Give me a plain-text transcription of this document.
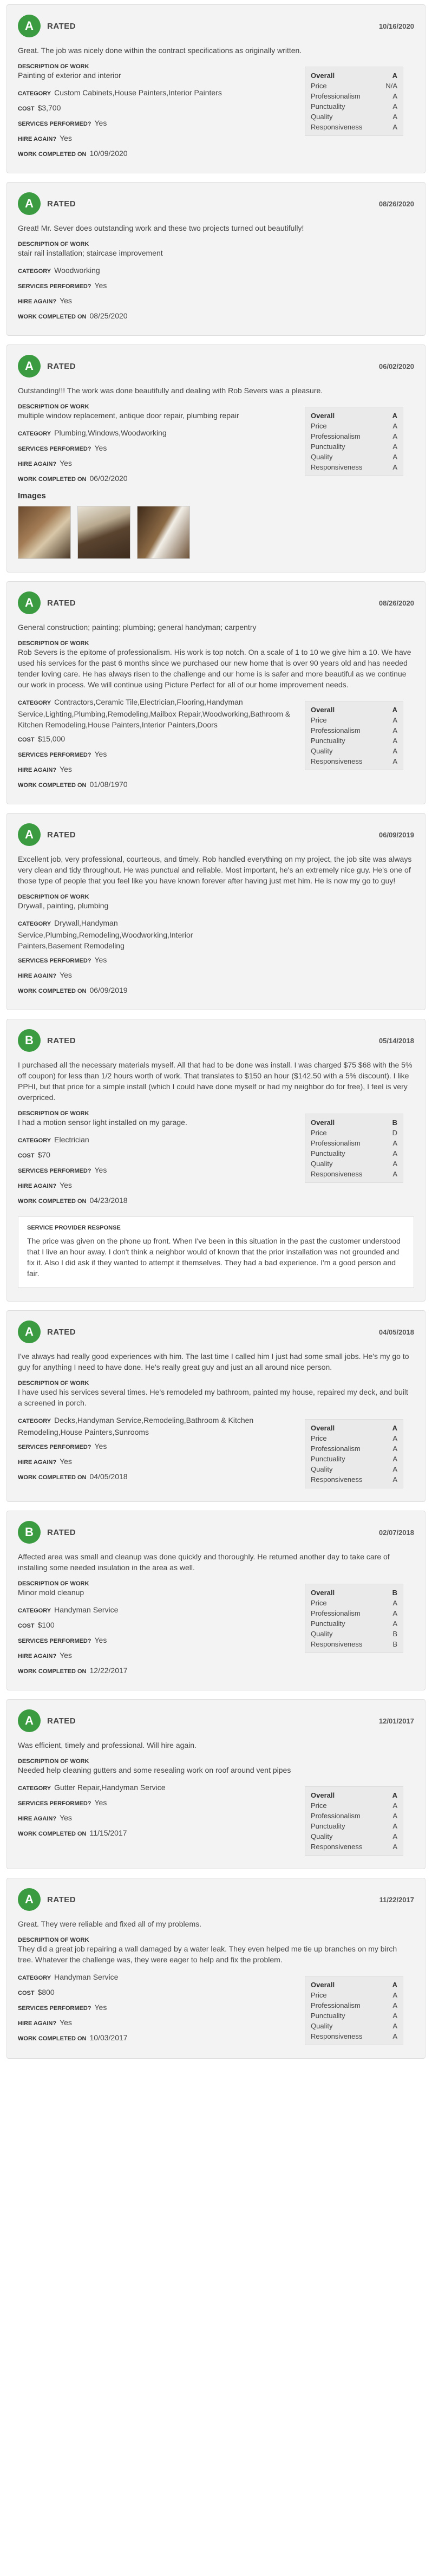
A	RATED	10/16/2020
Great. The job was nicely done within the contract specifications as originally written.
DESCRIPTION OF WORK
Painting of exterior and interior
CATEGORY Custom Cabinets,House Painters,Interior Painters
COST $3,700
SERVICES PERFORMED? Yes
HIRE AGAIN? Yes
WORK COMPLETED ON 10/09/2020
Overall	A
Price	N/A
Professionalism	A
Punctuality	A
Quality	A
Responsiveness	A
A	RATED	08/26/2020
Great! Mr. Sever does outstanding work and these two projects turned out beautifully!
DESCRIPTION OF WORK
stair rail installation; staircase improvement
CATEGORY Woodworking
SERVICES PERFORMED? Yes
HIRE AGAIN? Yes
WORK COMPLETED ON 08/25/2020
A	RATED	06/02/2020
Outstanding!!! The work was done beautifully and dealing with Rob Severs was a pleasure.
DESCRIPTION OF WORK
multiple window replacement, antique door repair, plumbing repair
CATEGORY Plumbing,Windows,Woodworking
SERVICES PERFORMED? Yes
HIRE AGAIN? Yes
WORK COMPLETED ON 06/02/2020
Overall	A
Price	A
Professionalism	A
Punctuality	A
Quality	A
Responsiveness	A
Images
A	RATED	08/26/2020
General construction; painting; plumbing; general handyman; carpentry
DESCRIPTION OF WORK
Rob Severs is the epitome of professionalism. His work is top notch. On a scale of 1 to 10 we give him a 10. We have used his services for the past 6 months since we purchased our new home that is over 90 years old and has needed tender loving care. He has always risen to the challenge and our home is is safer and more beautiful as we continue our work in process. We will continue using Picture Perfect for all of our home improvement needs.
CATEGORY Contractors,Ceramic Tile,Electrician,Flooring,Handyman Service,Lighting,Plumbing,Remodeling,Mailbox Repair,Woodworking,Bathroom & Kitchen Remodeling,House Painters,Interior Painters,Doors
COST $15,000
SERVICES PERFORMED? Yes
HIRE AGAIN? Yes
WORK COMPLETED ON 01/08/1970
Overall	A
Price	A
Professionalism	A
Punctuality	A
Quality	A
Responsiveness	A
A	RATED	06/09/2019
Excellent job, very professional, courteous, and timely. Rob handled everything on my project, the job site was always very clean and tidy throughout. He was punctual and reliable. Most important, he's an extremely nice guy. He's one of those type of people that you feel like you have known forever after having just met him. He is now my go to guy!
DESCRIPTION OF WORK
Drywall, painting, plumbing
CATEGORY Drywall,Handyman Service,Plumbing,Remodeling,Woodworking,Interior Painters,Basement Remodeling
SERVICES PERFORMED? Yes
HIRE AGAIN? Yes
WORK COMPLETED ON 06/09/2019
B	RATED	05/14/2018
I purchased all the necessary materials myself. All that had to be done was install. I was charged $75 $68 with the 5% off coupon) for less than 1/2 hours worth of work. That translates to $150 an hour ($142.50 with a 5% discount). I like PPHI, but that price for a simple install (which I could have done myself or had my neighbor do for free), I feel is very overpriced.
DESCRIPTION OF WORK
I had a motion sensor light installed on my garage.
CATEGORY Electrician
COST $70
SERVICES PERFORMED? Yes
HIRE AGAIN? Yes
WORK COMPLETED ON 04/23/2018
Overall	B
Price	D
Professionalism	A
Punctuality	A
Quality	A
Responsiveness	A
SERVICE PROVIDER RESPONSE
The price was given on the phone up front. When I've been in this situation in the past the customer understood that I live an hour away. I don't think a neighbor would of known that the prior installation was not grounded and fix it. Also I did ask if they wanted to attempt it themselves. They had a bad experience. I'm a good person and fair.
A	RATED	04/05/2018
I've always had really good experiences with him. The last time I called him I just had some small jobs. He's my go to guy for anything I need to have done. He's really great guy and just an all around nice person.
DESCRIPTION OF WORK
I have used his services several times. He's remodeled my bathroom, painted my house, repaired my deck, and built a screened in porch.
CATEGORY Decks,Handyman Service,Remodeling,Bathroom & Kitchen Remodeling,House Painters,Sunrooms
SERVICES PERFORMED? Yes
HIRE AGAIN? Yes
WORK COMPLETED ON 04/05/2018
Overall	A
Price	A
Professionalism	A
Punctuality	A
Quality	A
Responsiveness	A
B	RATED	02/07/2018
Affected area was small and cleanup was done quickly and thoroughly. He returned another day to take care of installing some needed insulation in the area as well.
DESCRIPTION OF WORK
Minor mold cleanup
CATEGORY Handyman Service
COST $100
SERVICES PERFORMED? Yes
HIRE AGAIN? Yes
WORK COMPLETED ON 12/22/2017
Overall	B
Price	A
Professionalism	A
Punctuality	A
Quality	B
Responsiveness	B
A	RATED	12/01/2017
Was efficient, timely and professional. Will hire again.
DESCRIPTION OF WORK
Needed help cleaning gutters and some resealing work on roof around vent pipes
CATEGORY Gutter Repair,Handyman Service
SERVICES PERFORMED? Yes
HIRE AGAIN? Yes
WORK COMPLETED ON 11/15/2017
Overall	A
Price	A
Professionalism	A
Punctuality	A
Quality	A
Responsiveness	A
A	RATED	11/22/2017
Great. They were reliable and fixed all of my problems.
DESCRIPTION OF WORK
They did a great job repairing a wall damaged by a water leak. They even helped me tie up branches on my birch tree. Whatever the challenge was, they were eager to help and fix the problem.
CATEGORY Handyman Service
COST $800
SERVICES PERFORMED? Yes
HIRE AGAIN? Yes
WORK COMPLETED ON 10/03/2017
Overall	A
Price	A
Professionalism	A
Punctuality	A
Quality	A
Responsiveness	A
